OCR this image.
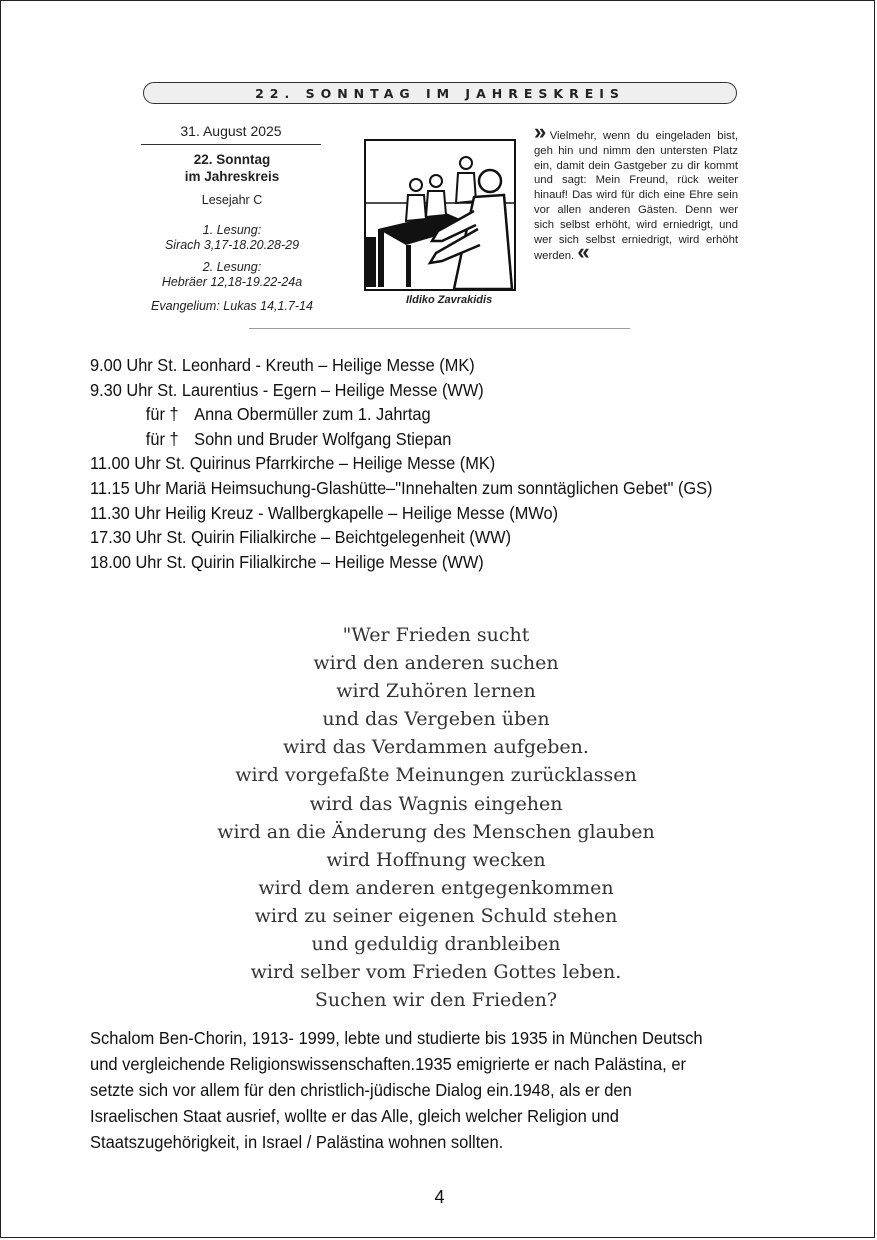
22. SONNTAG IM JAHRESKREIS
31. August 2025
22. Sonntag
im Jahreskreis
Lesejahr C
1. Lesung:
Sirach 3,17-18.20.28-29
2. Lesung:
Hebräer 12,18-19.22-24a
Evangelium: Lukas 14,1.7-14	Ildiko Zavrakidis
» Vielmehr, wenn du eingeladen bist, geh hin und nimm den untersten Platz ein, damit dein Gastgeber zu dir kommt und sagt: Mein Freund, rück weiter hinauf! Das wird für dich eine Ehre sein vor allen anderen Gästen. Denn wer sich selbst erhöht, wird erniedrigt, und wer sich selbst erniedrigt, wird erhöht werden. «
9.00 Uhr St. Leonhard - Kreuth – Heilige Messe (MK)
9.30 Uhr St. Laurentius - Egern – Heilige Messe (WW)
für † Anna Obermüller zum 1. Jahrtag
für † Sohn und Bruder Wolfgang Stiepan
11.00 Uhr St. Quirinus Pfarrkirche – Heilige Messe (MK)
11.15 Uhr Mariä Heimsuchung-Glashütte–"Innehalten zum sonntäglichen Gebet" (GS)
11.30 Uhr Heilig Kreuz - Wallbergkapelle – Heilige Messe (MWo)
17.30 Uhr St. Quirin Filialkirche – Beichtgelegenheit (WW)
18.00 Uhr St. Quirin Filialkirche – Heilige Messe (WW)
"Wer Frieden sucht
wird den anderen suchen
wird Zuhören lernen
und das Vergeben üben
wird das Verdammen aufgeben.
wird vorgefaßte Meinungen zurücklassen
wird das Wagnis eingehen
wird an die Änderung des Menschen glauben
wird Hoffnung wecken
wird dem anderen entgegenkommen
wird zu seiner eigenen Schuld stehen
und geduldig dranbleiben
wird selber vom Frieden Gottes leben.
Suchen wir den Frieden?
Schalom Ben-Chorin, 1913- 1999, lebte und studierte bis 1935 in München Deutsch
und vergleichende Religionswissenschaften.1935 emigrierte er nach Palästina, er
setzte sich vor allem für den christlich-jüdische Dialog ein.1948, als er den
Israelischen Staat ausrief, wollte er das Alle, gleich welcher Religion und
Staatszugehörigkeit, in Israel / Palästina wohnen sollten.
4
